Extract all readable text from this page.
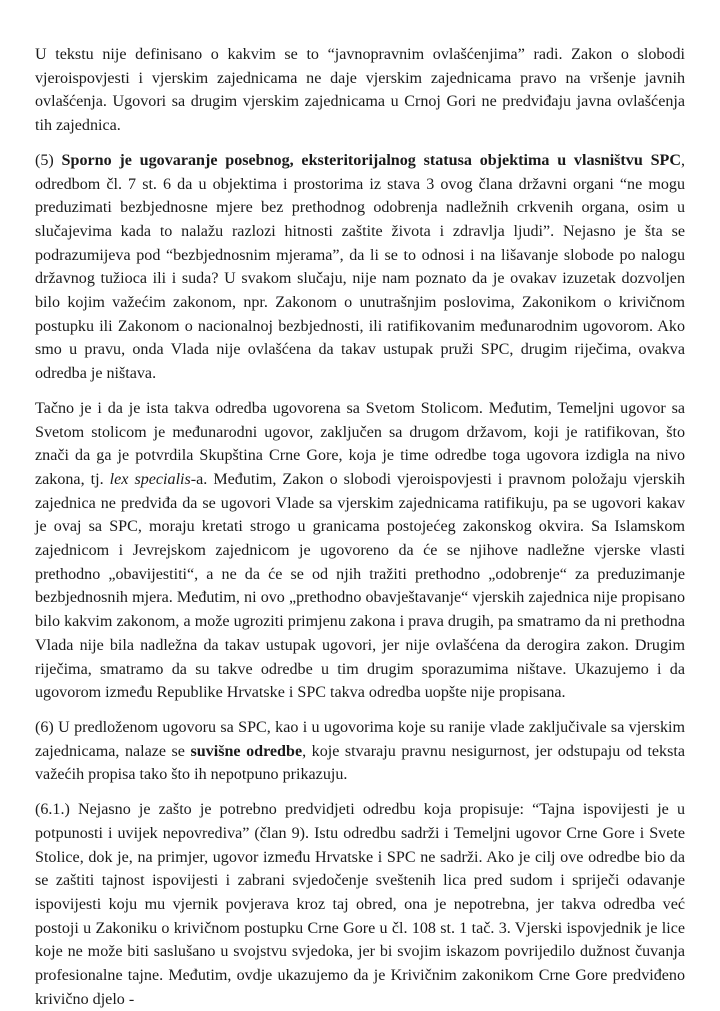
U tekstu nije definisano o kakvim se to “javnopravnim ovlašćenjima” radi. Zakon o slobodi vjeroispovjesti i vjerskim zajednicama ne daje vjerskim zajednicama pravo na vršenje javnih ovlašćenja. Ugovori sa drugim vjerskim zajednicama u Crnoj Gori ne predviđaju javna ovlašćenja tih zajednica.

(5) Sporno je ugovaranje posebnog, eksteritorijalnog statusa objektima u vlasništvu SPC, odredbom čl. 7 st. 6 da u objektima i prostorima iz stava 3 ovog člana državni organi “ne mogu preduzimati bezbjednosne mjere bez prethodnog odobrenja nadležnih crkvenih organa, osim u slučajevima kada to nalažu razlozi hitnosti zaštite života i zdravlja ljudi”. Nejasno je šta se podrazumijeva pod “bezbjednosnim mjerama”, da li se to odnosi i na lišavanje slobode po nalogu državnog tužioca ili i suda? U svakom slučaju, nije nam poznato da je ovakav izuzetak dozvoljen bilo kojim važećim zakonom, npr. Zakonom o unutrašnjim poslovima, Zakonikom o krivičnom postupku ili Zakonom o nacionalnoj bezbjednosti, ili ratifikovanim međunarodnim ugovorom. Ako smo u pravu, onda Vlada nije ovlašćena da takav ustupak pruži SPC, drugim riječima, ovakva odredba je ništava.

Tačno je i da je ista takva odredba ugovorena sa Svetom Stolicom. Međutim, Temeljni ugovor sa Svetom stolicom je međunarodni ugovor, zaključen sa drugom državom, koji je ratifikovan, što znači da ga je potvrdila Skupština Crne Gore, koja je time odredbe toga ugovora izdigla na nivo zakona, tj. lex specialis-a. Međutim, Zakon o slobodi vjeroispovjesti i pravnom položaju vjerskih zajednica ne predviđa da se ugovori Vlade sa vjerskim zajednicama ratifikuju, pa se ugovori kakav je ovaj sa SPC, moraju kretati strogo u granicama postojećeg zakonskog okvira. Sa Islamskom zajednicom i Jevrejskom zajednicom je ugovoreno da će se njihove nadležne vjerske vlasti prethodno „obavijestiti“, a ne da će se od njih tražiti prethodno „odobrenje“ za preduzimanje bezbjednosnih mjera. Međutim, ni ovo „prethodno obavještavanje“ vjerskih zajednica nije propisano bilo kakvim zakonom, a može ugroziti primjenu zakona i prava drugih, pa smatramo da ni prethodna Vlada nije bila nadležna da takav ustupak ugovori, jer nije ovlašćena da derogira zakon. Drugim riječima, smatramo da su takve odredbe u tim drugim sporazumima ništave. Ukazujemo i da ugovorom između Republike Hrvatske i SPC takva odredba uopšte nije propisana.

(6) U predloženom ugovoru sa SPC, kao i u ugovorima koje su ranije vlade zaključivale sa vjerskim zajednicama, nalaze se suvišne odredbe, koje stvaraju pravnu nesigurnost, jer odstupaju od teksta važećih propisa tako što ih nepotpuno prikazuju.

(6.1.) Nejasno je zašto je potrebno predvidjeti odredbu koja propisuje: “Tajna ispovijesti je u potpunosti i uvijek nepovrediva” (član 9). Istu odredbu sadrži i Temeljni ugovor Crne Gore i Svete Stolice, dok je, na primjer, ugovor između Hrvatske i SPC ne sadrži. Ako je cilj ove odredbe bio da se zaštiti tajnost ispovijesti i zabrani svjedočenje sveštenih lica pred sudom i spriječi odavanje ispovijesti koju mu vjernik povjerava kroz taj obred, ona je nepotrebna, jer takva odredba već postoji u Zakoniku o krivičnom postupku Crne Gore u čl. 108 st. 1 tač. 3. Vjerski ispovjednik je lice koje ne može biti saslušano u svojstvu svjedoka, jer bi svojim iskazom povrijedilo dužnost čuvanja profesionalne tajne. Međutim, ovdje ukazujemo da je Krivičnim zakonikom Crne Gore predviđeno krivično djelo -
